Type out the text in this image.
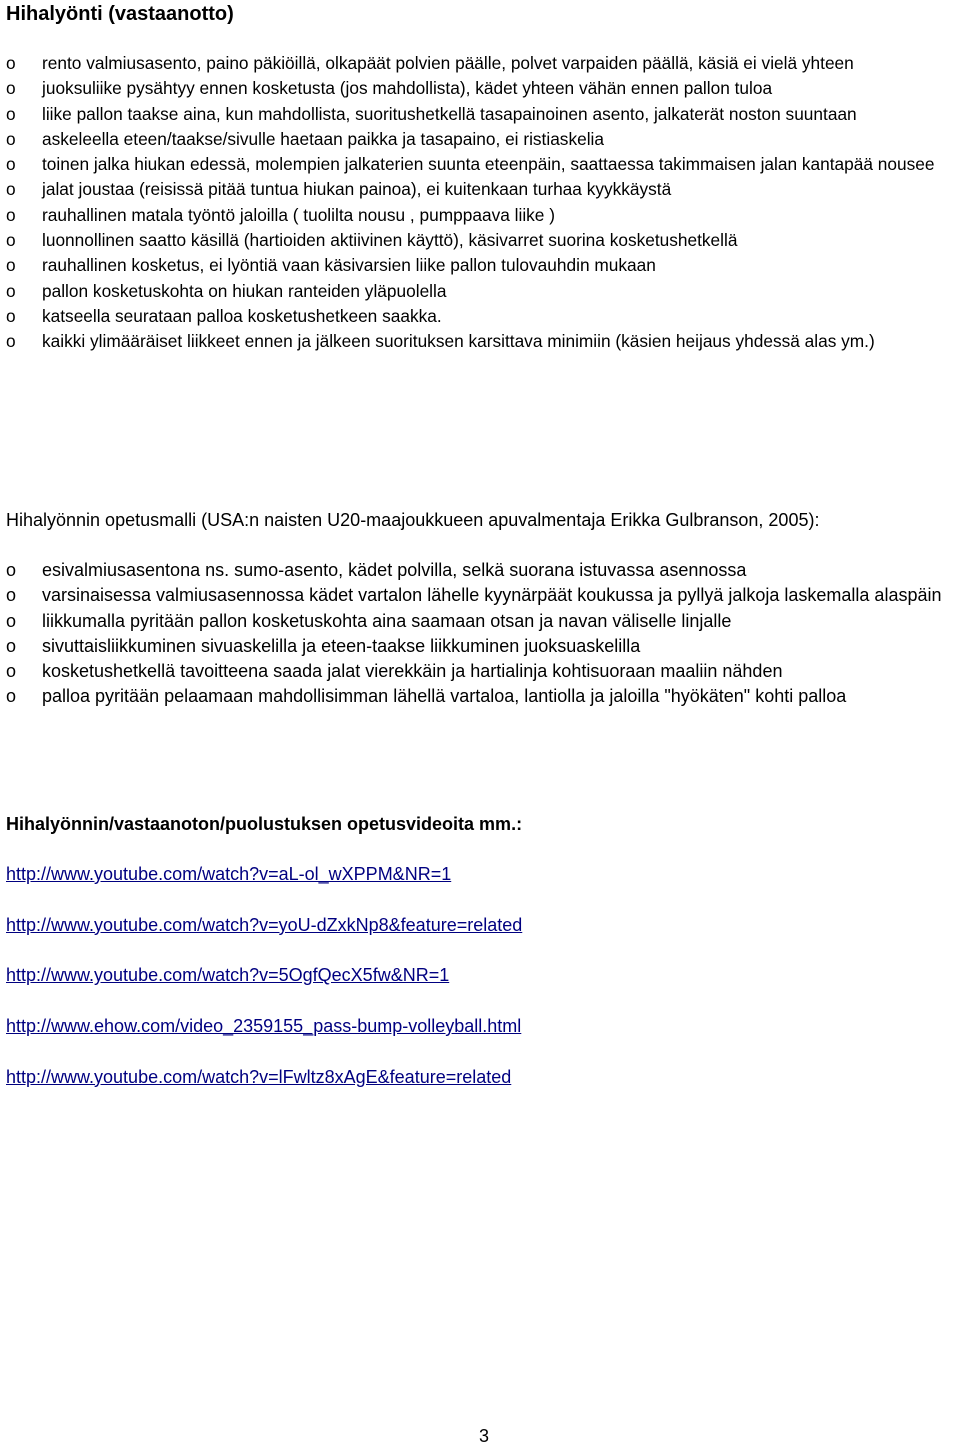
Hihalyönti (vastaanotto)
o	rento valmiusasento, paino päkiöillä, olkapäät polvien päälle, polvet varpaiden päällä, käsiä ei vielä yhteen
o	juoksuliike pysähtyy ennen kosketusta (jos mahdollista), kädet yhteen vähän ennen pallon tuloa
o	liike pallon taakse aina, kun mahdollista, suoritushetkellä tasapainoinen asento, jalkaterät noston suuntaan
o	askeleella eteen/taakse/sivulle haetaan paikka ja tasapaino, ei ristiaskelia
o	toinen jalka hiukan edessä, molempien jalkaterien suunta eteenpäin, saattaessa takimmaisen jalan kantapää nousee
o	jalat joustaa (reisissä pitää tuntua hiukan painoa), ei kuitenkaan turhaa kyykkäystä
o	rauhallinen matala työntö jaloilla ( tuolilta nousu , pumppaava liike )
o	luonnollinen saatto käsillä (hartioiden aktiivinen käyttö), käsivarret suorina kosketushetkellä
o	rauhallinen kosketus, ei lyöntiä vaan käsivarsien liike pallon tulovauhdin mukaan
o	pallon kosketuskohta on hiukan ranteiden yläpuolella
o	katseella seurataan palloa kosketushetkeen saakka.
o	kaikki ylimääräiset liikkeet ennen ja jälkeen suorituksen karsittava minimiin (käsien heijaus yhdessä alas ym.)

Hihalyönnin opetusmalli (USA:n naisten U20-maajoukkueen apuvalmentaja Erikka Gulbranson, 2005):

o	esivalmiusasentona ns. sumo-asento, kädet polvilla, selkä suorana istuvassa asennossa
o	varsinaisessa valmiusasennossa kädet vartalon lähelle kyynärpäät koukussa ja pyllyä jalkoja laskemalla alaspäin
o	liikkumalla pyritään pallon kosketuskohta aina saamaan otsan ja navan väliselle linjalle
o	sivuttaisliikkuminen sivuaskelilla ja eteen-taakse liikkuminen juoksuaskelilla
o	kosketushetkellä tavoitteena saada jalat vierekkäin ja hartialinja kohtisuoraan maaliin nähden
o	palloa pyritään pelaamaan mahdollisimman lähellä vartaloa, lantiolla ja jaloilla "hyökäten" kohti palloa

Hihalyönnin/vastaanoton/puolustuksen opetusvideoita mm.:

http://www.youtube.com/watch?v=aL-ol_wXPPM&NR=1
http://www.youtube.com/watch?v=yoU-dZxkNp8&feature=related
http://www.youtube.com/watch?v=5OgfQecX5fw&NR=1
http://www.ehow.com/video_2359155_pass-bump-volleyball.html
http://www.youtube.com/watch?v=lFwltz8xAgE&feature=related
3
